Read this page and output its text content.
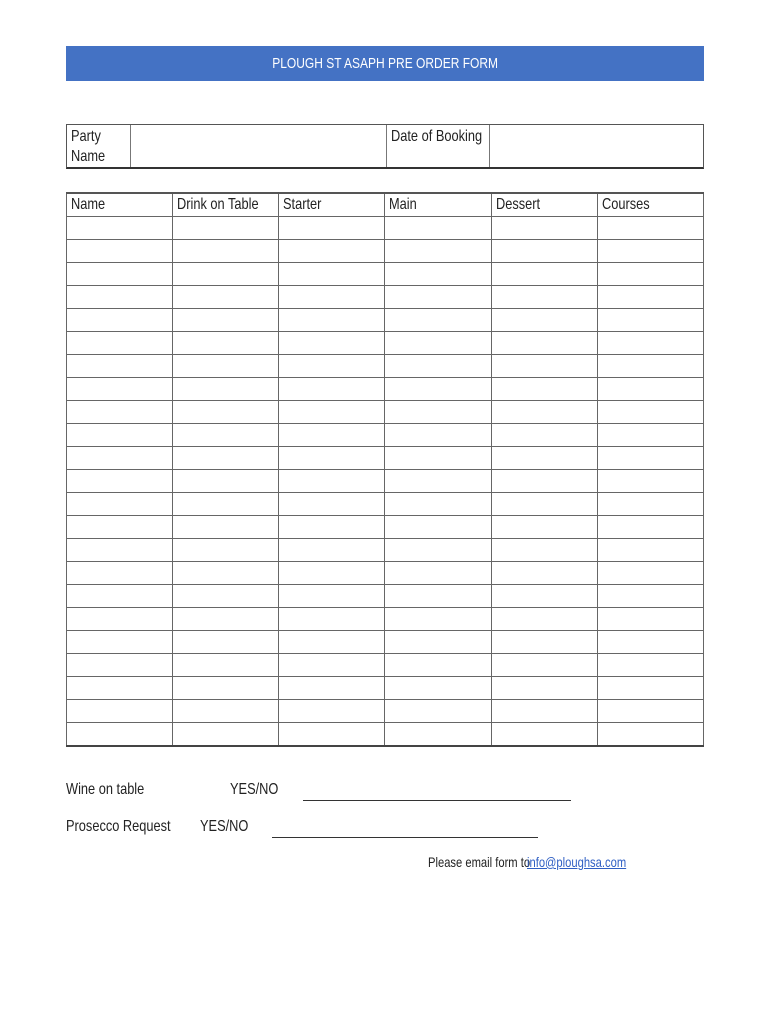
PLOUGH ST ASAPH PRE ORDER FORM
Party Name
Date of Booking
Name	Drink on Table	Starter	Main	Dessert	Courses

Wine on table	YES/NO
Prosecco Request YES/NO
Please email form to
info@ploughsa.com
